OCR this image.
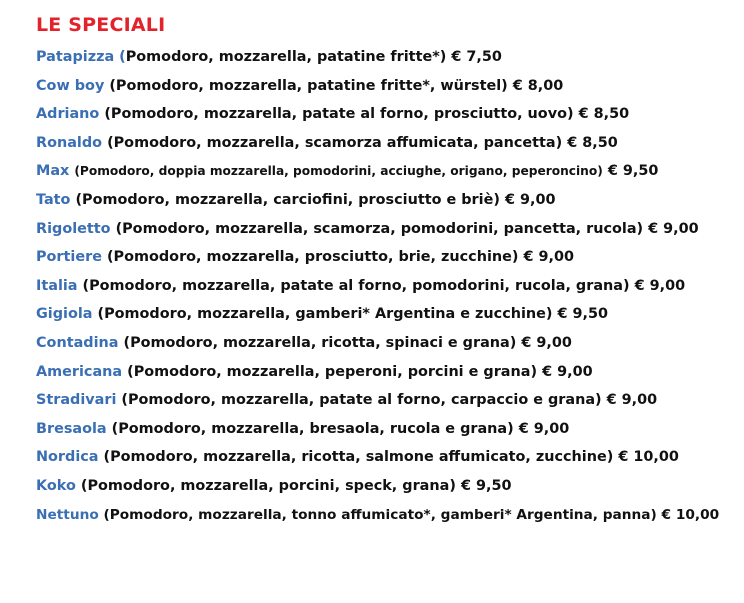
LE SPECIALI
Patapizza (Pomodoro, mozzarella, patatine fritte*) € 7,50
Cow boy (Pomodoro, mozzarella, patatine fritte*, würstel) € 8,00
Adriano (Pomodoro, mozzarella, patate al forno, prosciutto, uovo) € 8,50
Ronaldo (Pomodoro, mozzarella, scamorza affumicata, pancetta) € 8,50
Max (Pomodoro, doppia mozzarella, pomodorini, acciughe, origano, peperoncino) € 9,50
Tato (Pomodoro, mozzarella, carciofini, prosciutto e briè) € 9,00
Rigoletto (Pomodoro, mozzarella, scamorza, pomodorini, pancetta, rucola) € 9,00
Portiere (Pomodoro, mozzarella, prosciutto, brie, zucchine) € 9,00
Italia (Pomodoro, mozzarella, patate al forno, pomodorini, rucola, grana) € 9,00
Gigiola (Pomodoro, mozzarella, gamberi* Argentina e zucchine) € 9,50
Contadina (Pomodoro, mozzarella, ricotta, spinaci e grana) € 9,00
Americana (Pomodoro, mozzarella, peperoni, porcini e grana) € 9,00
Stradivari (Pomodoro, mozzarella, patate al forno, carpaccio e grana) € 9,00
Bresaola (Pomodoro, mozzarella, bresaola, rucola e grana) € 9,00
Nordica (Pomodoro, mozzarella, ricotta, salmone affumicato, zucchine) € 10,00
Koko (Pomodoro, mozzarella, porcini, speck, grana) € 9,50
Nettuno (Pomodoro, mozzarella, tonno affumicato*, gamberi* Argentina, panna) € 10,00
